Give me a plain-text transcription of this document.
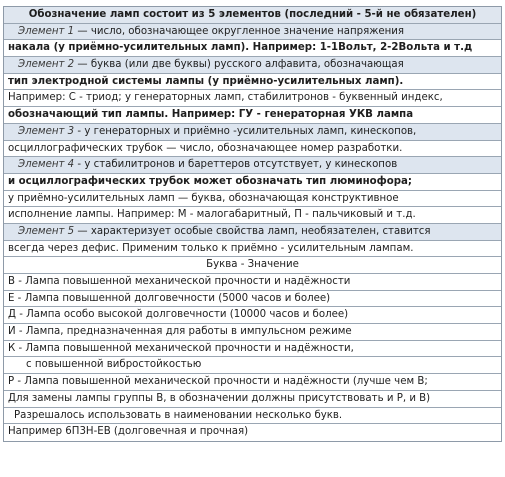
Обозначение ламп состоит из 5 элементов (последний - 5-й не обязателен)
Элемент 1 — число, обозначающее округленное значение напряжения
накала (у приёмно-усилительных ламп). Например: 1-1Вольт, 2-2Вольта и т.д
Элемент 2 — буква (или две буквы) русского алфавита, обозначающая
тип электродной системы лампы (у приёмно-усилительных ламп).
Например: С - триод; у генераторных ламп, стабилитронов - буквенный индекс,
обозначающий тип лампы. Например: ГУ - генераторная УКВ лампа
Элемент 3 - у генераторных и приёмно -усилительных ламп, кинескопов,
осциллографических трубок — число, обозначающее номер разработки.
Элемент 4 - у стабилитронов и бареттеров отсутствует, у кинескопов
и осциллографических трубок может обозначать тип люминофора;
у приёмно-усилительных ламп — буква, обозначающая конструктивное
исполнение лампы. Например: М - малогабаритный, П - пальчиковый и т.д.
Элемент 5 — характеризует особые свойства ламп, необязателен, ставится
всегда через дефис. Применим только к приёмно - усилительным лампам.
Буква - Значение
В - Лампа повышенной механической прочности и надёжности
Е - Лампа повышенной долговечности (5000 часов и более)
Д - Лампа особо высокой долговечности (10000 часов и более)
И - Лампа, предназначенная для работы в импульсном режиме
К - Лампа повышенной механической прочности и надёжности,
с повышенной вибростойкостью
Р - Лампа повышенной механической прочности и надёжности (лучше чем В;
Для замены лампы группы В, в обозначении должны присутствовать и Р, и В)
Разрешалось использовать в наименовании несколько букв.
Например 6П3Н-ЕВ (долговечная и прочная)
